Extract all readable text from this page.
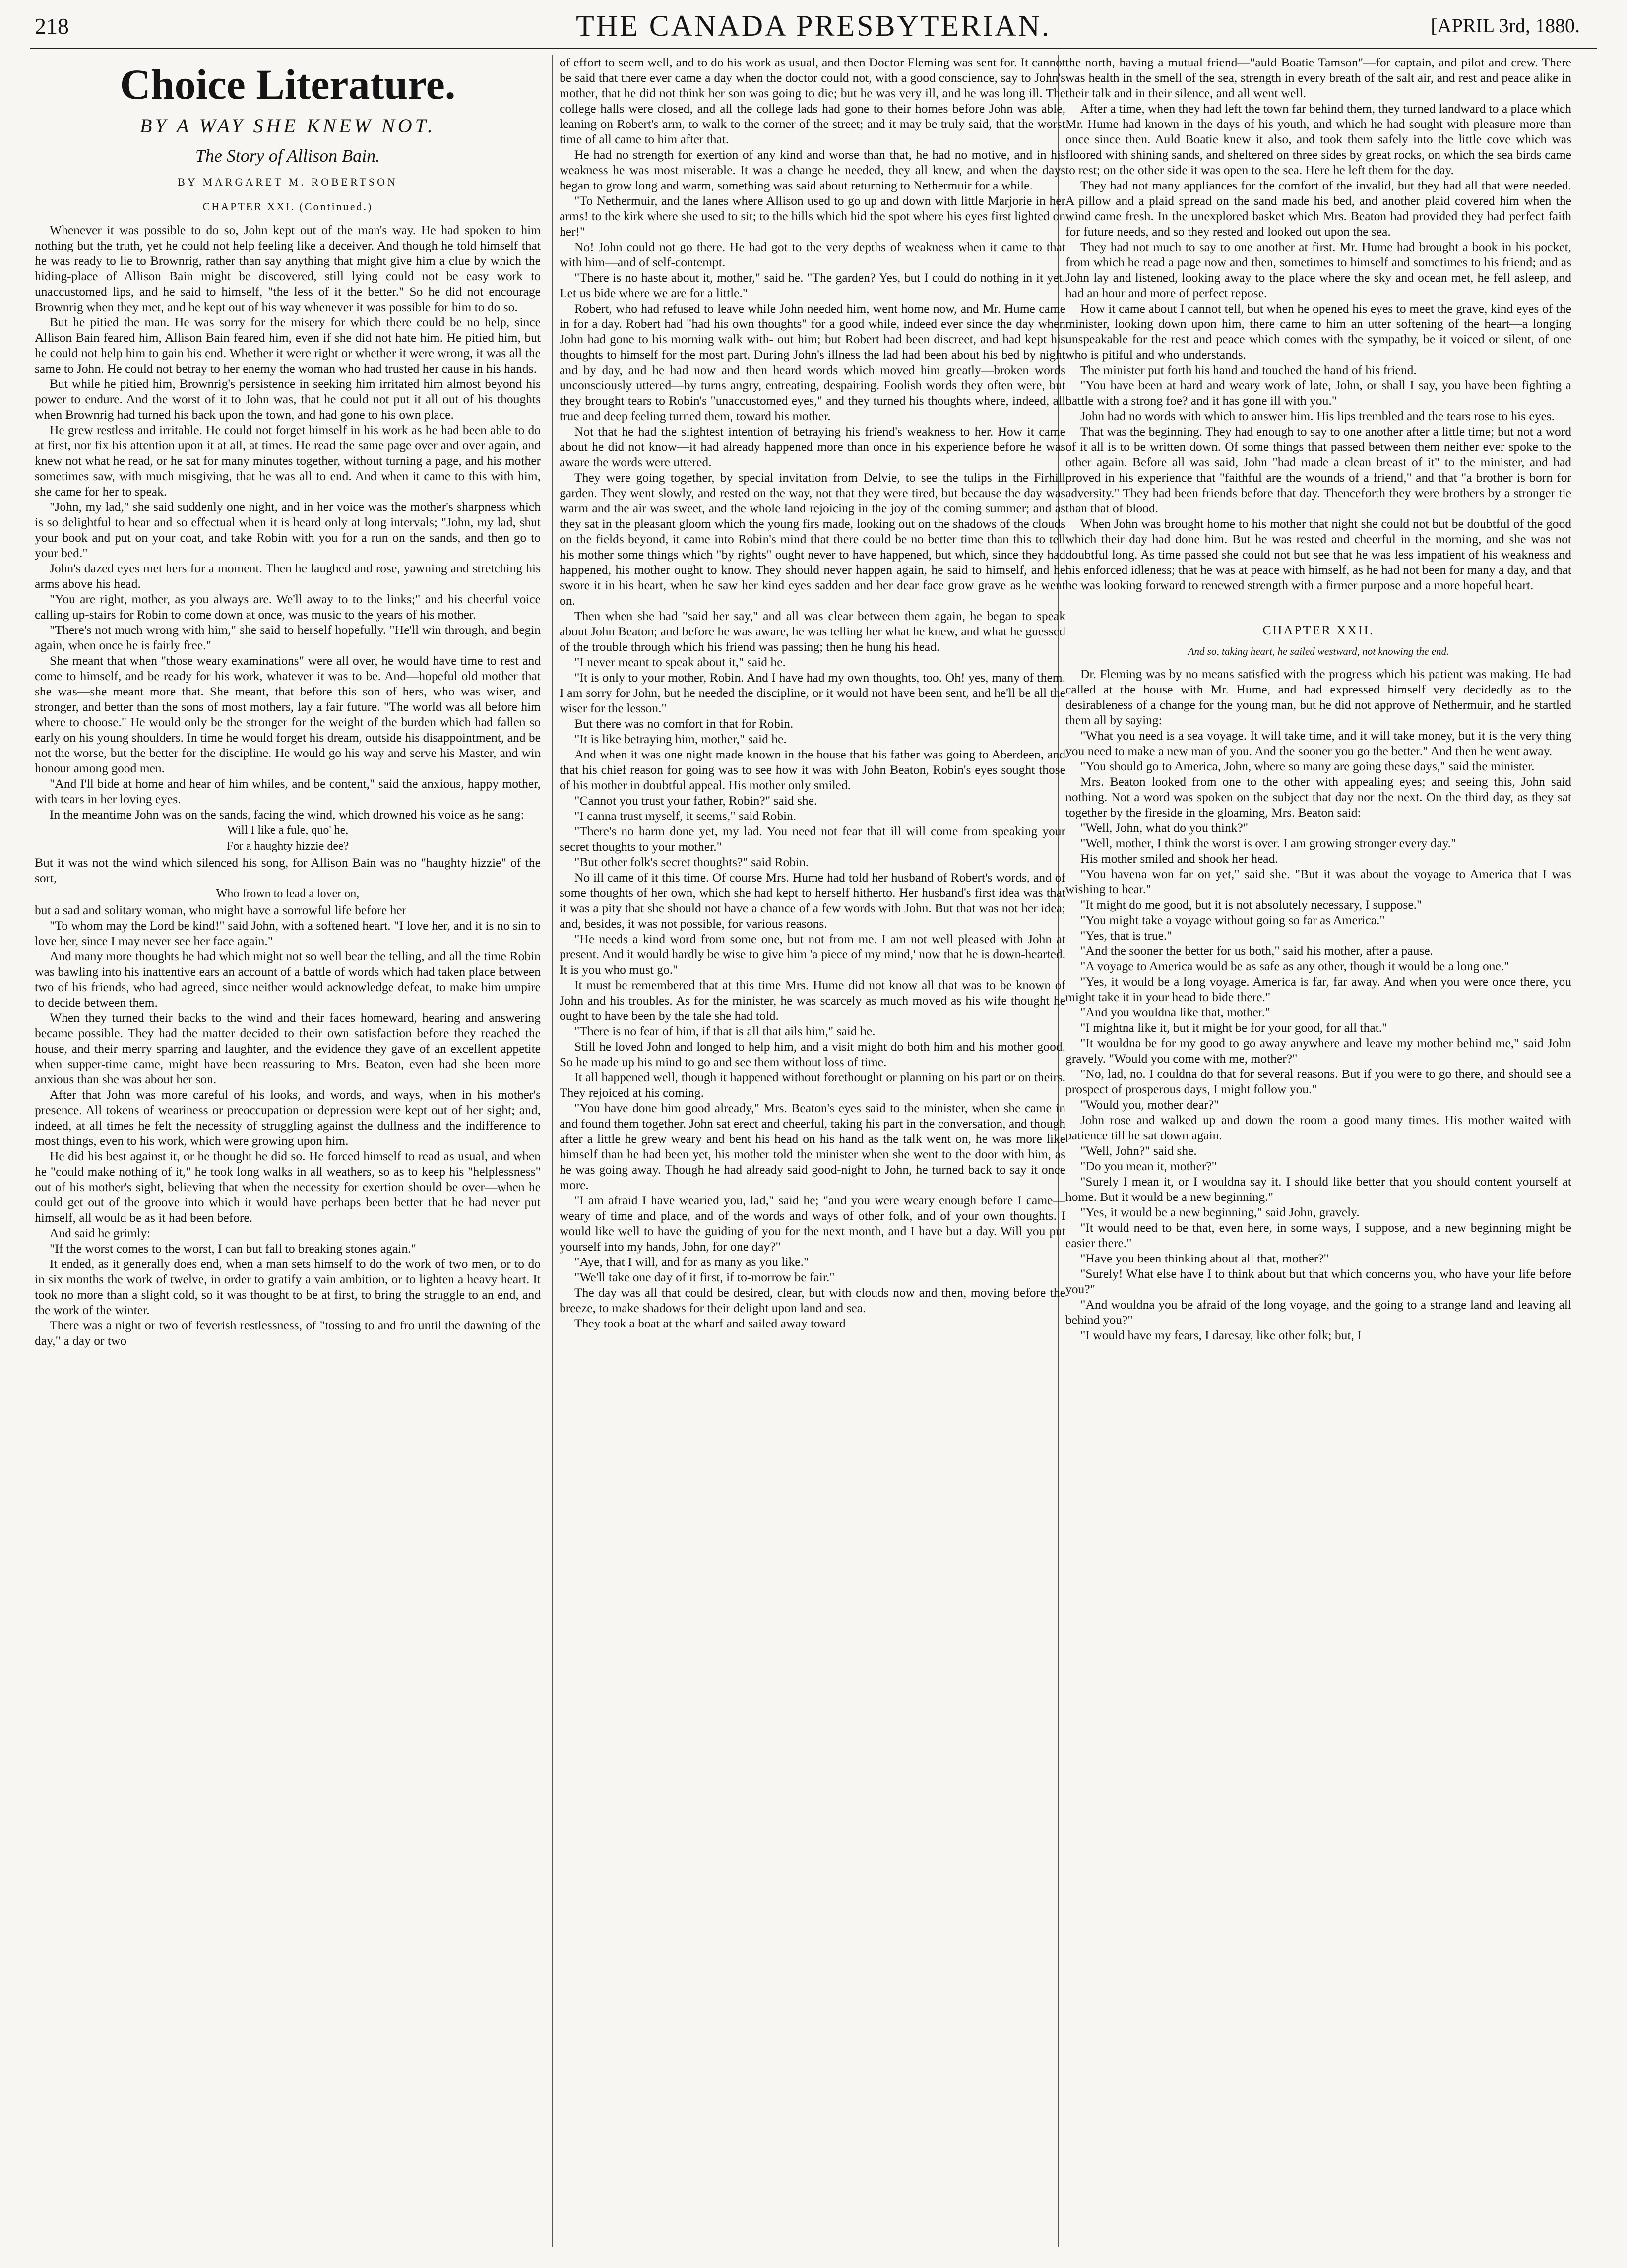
218	THE CANADA PRESBYTERIAN.	[APRIL 3rd, 1880.
Choice Literature.
BY A WAY SHE KNEW NOT.
The Story of Allison Bain.
BY MARGARET M. ROBERTSON
CHAPTER XXI. (Continued.)

Whenever it was possible to do so, John kept out of the man's way. He had spoken to him nothing but the truth, yet he could not help feeling like a deceiver. And though he told himself that he was ready to lie to Brownrig, rather than say anything that might give him a clue by which the hiding-place of Allison Bain might be discovered, still lying could not be easy work to unaccustomed lips, and he said to himself, "the less of it the better." So he did not encourage Brownrig when they met, and he kept out of his way whenever it was possible for him to do so.

But he pitied the man. He was sorry for the misery for which there could be no help, since Allison Bain feared him, Allison Bain feared him, even if she did not hate him. He pitied him, but he could not help him to gain his end. Whether it were right or whether it were wrong, it was all the same to John. He could not betray to her enemy the woman who had trusted her cause in his hands.

But while he pitied him, Brownrig's persistence in seeking him irritated him almost beyond his power to endure. And the worst of it to John was, that he could not put it all out of his thoughts when Brownrig had turned his back upon the town, and had gone to his own place.

He grew restless and irritable. He could not forget himself in his work as he had been able to do at first, nor fix his attention upon it at all, at times. He read the same page over and over again, and knew not what he read, or he sat for many minutes together, without turning a page, and his mother sometimes saw, with much misgiving, that he was all to end. And when it came to this with him, she came for her to speak.

"John, my lad," she said suddenly one night, and in her voice was the mother's sharpness which is so delightful to hear and so effectual when it is heard only at long intervals; "John, my lad, shut your book and put on your coat, and take Robin with you for a run on the sands, and then go to your bed."

John's dazed eyes met hers for a moment. Then he laughed and rose, yawning and stretching his arms above his head.

"You are right, mother, as you always are. We'll away to to the links;" and his cheerful voice calling up-stairs for Robin to come down at once, was music to the years of his mother.

"There's not much wrong with him," she said to herself hopefully. "He'll win through, and begin again, when once he is fairly free."

She meant that when "those weary examinations" were all over, he would have time to rest and come to himself, and be ready for his work, whatever it was to be. And—hopeful old mother that she was—she meant more that. She meant, that before this son of hers, who was wiser, and stronger, and better than the sons of most mothers, lay a fair future. "The world was all before him where to choose." He would only be the stronger for the weight of the burden which had fallen so early on his young shoulders. In time he would forget his dream, outside his disappointment, and be not the worse, but the better for the discipline. He would go his way and serve his Master, and win honour among good men.

"And I'll bide at home and hear of him whiles, and be content," said the anxious, happy mother, with tears in her loving eyes.

In the meantime John was on the sands, facing the wind, which drowned his voice as he sang:

Will I like a fule, quo' he,
For a haughty hizzie dee?

But it was not the wind which silenced his song, for Allison Bain was no "haughty hizzie" of the sort,

Who frown to lead a lover on,

but a sad and solitary woman, who might have a sorrowful life before her

"To whom may the Lord be kind!" said John, with a softened heart. "I love her, and it is no sin to love her, since I may never see her face again."

And many more thoughts he had which might not so well bear the telling, and all the time Robin was bawling into his inattentive ears an account of a battle of words which had taken place between two of his friends, who had agreed, since neither would acknowledge defeat, to make him umpire to decide between them.

When they turned their backs to the wind and their faces homeward, hearing and answering became possible. They had the matter decided to their own satisfaction before they reached the house, and their merry sparring and laughter, and the evidence they gave of an excellent appetite when supper-time came, might have been reassuring to Mrs. Beaton, even had she been more anxious than she was about her son.

After that John was more careful of his looks, and words, and ways, when in his mother's presence. All tokens of weariness or preoccupation or depression were kept out of her sight; and, indeed, at all times he felt the necessity of struggling against the dullness and the indifference to most things, even to his work, which were growing upon him.

He did his best against it, or he thought he did so. He forced himself to read as usual, and when he "could make nothing of it," he took long walks in all weathers, so as to keep his "helplessness" out of his mother's sight, believing that when the necessity for exertion should be over—when he could get out of the groove into which it would have perhaps been better that he had never put himself, all would be as it had been before.

And said he grimly:

"If the worst comes to the worst, I can but fall to breaking stones again."

It ended, as it generally does end, when a man sets himself to do the work of two men, or to do in six months the work of twelve, in order to gratify a vain ambition, or to lighten a heavy heart. It took no more than a slight cold, so it was thought to be at first, to bring the struggle to an end, and the work of the winter.

There was a night or two of feverish restlessness, of "tossing to and fro until the dawning of the day," a day or two

of effort to seem well, and to do his work as usual, and then Doctor Fleming was sent for. It cannot be said that there ever came a day when the doctor could not, with a good conscience, say to John's mother, that he did not think her son was going to die; but he was very ill, and he was long ill. The college halls were closed, and all the college lads had gone to their homes before John was able, leaning on Robert's arm, to walk to the corner of the street; and it may be truly said, that the worst time of all came to him after that.

He had no strength for exertion of any kind and worse than that, he had no motive, and in his weakness he was most miserable. It was a change he needed, they all knew, and when the days began to grow long and warm, something was said about returning to Nethermuir for a while.

"To Nethermuir, and the lanes where Allison used to go up and down with little Marjorie in her arms! to the kirk where she used to sit; to the hills which hid the spot where his eyes first lighted on her!"

No! John could not go there. He had got to the very depths of weakness when it came to that with him—and of self-contempt.

"There is no haste about it, mother," said he. "The garden? Yes, but I could do nothing in it yet. Let us bide where we are for a little."

Robert, who had refused to leave while John needed him, went home now, and Mr. Hume came in for a day. Robert had "had his own thoughts" for a good while, indeed ever since the day when John had gone to his morning walk with- out him; but Robert had been discreet, and had kept his thoughts to himself for the most part. During John's illness the lad had been about his bed by night and by day, and he had now and then heard words which moved him greatly—broken words unconsciously uttered—by turns angry, entreating, despairing. Foolish words they often were, but they brought tears to Robin's "unaccustomed eyes," and they turned his thoughts where, indeed, all true and deep feeling turned them, toward his mother.

Not that he had the slightest intention of betraying his friend's weakness to her. How it came about he did not know—it had already happened more than once in his experience before he was aware the words were uttered.

They were going together, by special invitation from Delvie, to see the tulips in the Firhill garden. They went slowly, and rested on the way, not that they were tired, but because the day was warm and the air was sweet, and the whole land rejoicing in the joy of the coming summer; and as they sat in the pleasant gloom which the young firs made, looking out on the shadows of the clouds on the fields beyond, it came into Robin's mind that there could be no better time than this to tell his mother some things which "by rights" ought never to have happened, but which, since they had happened, his mother ought to know. They should never happen again, he said to himself, and he swore it in his heart, when he saw her kind eyes sadden and her dear face grow grave as he went on.

Then when she had "said her say," and all was clear between them again, he began to speak about John Beaton; and before he was aware, he was telling her what he knew, and what he guessed of the trouble through which his friend was passing; then he hung his head.

"I never meant to speak about it," said he.

"It is only to your mother, Robin. And I have had my own thoughts, too. Oh! yes, many of them. I am sorry for John, but he needed the discipline, or it would not have been sent, and he'll be all the wiser for the lesson."

But there was no comfort in that for Robin.

"It is like betraying him, mother," said he.

And when it was one night made known in the house that his father was going to Aberdeen, and that his chief reason for going was to see how it was with John Beaton, Robin's eyes sought those of his mother in doubtful appeal. His mother only smiled.

"Cannot you trust your father, Robin?" said she.

"I canna trust myself, it seems," said Robin.

"There's no harm done yet, my lad. You need not fear that ill will come from speaking your secret thoughts to your mother."

"But other folk's secret thoughts?" said Robin.

No ill came of it this time. Of course Mrs. Hume had told her husband of Robert's words, and of some thoughts of her own, which she had kept to herself hitherto. Her husband's first idea was that it was a pity that she should not have a chance of a few words with John. But that was not her idea; and, besides, it was not possible, for various reasons.

"He needs a kind word from some one, but not from me. I am not well pleased with John at present. And it would hardly be wise to give him 'a piece of my mind,' now that he is down-hearted. It is you who must go."

It must be remembered that at this time Mrs. Hume did not know all that was to be known of John and his troubles. As for the minister, he was scarcely as much moved as his wife thought he ought to have been by the tale she had told.

"There is no fear of him, if that is all that ails him," said he.

Still he loved John and longed to help him, and a visit might do both him and his mother good. So he made up his mind to go and see them without loss of time.

It all happened well, though it happened without forethought or planning on his part or on theirs. They rejoiced at his coming.

"You have done him good already," Mrs. Beaton's eyes said to the minister, when she came in and found them together. John sat erect and cheerful, taking his part in the conversation, and though after a little he grew weary and bent his head on his hand as the talk went on, he was more like himself than he had been yet, his mother told the minister when she went to the door with him, as he was going away. Though he had already said good-night to John, he turned back to say it once more.

"I am afraid I have wearied you, lad," said he; "and you were weary enough before I came—weary of time and place, and of the words and ways of other folk, and of your own thoughts. I would like well to have the guiding of you for the next month, and I have but a day. Will you put yourself into my hands, John, for one day?"

"Aye, that I will, and for as many as you like."

"We'll take one day of it first, if to-morrow be fair."

The day was all that could be desired, clear, but with clouds now and then, moving before the breeze, to make shadows for their delight upon land and sea.

They took a boat at the wharf and sailed away toward

the north, having a mutual friend—"auld Boatie Tamson"—for captain, and pilot and crew. There was health in the smell of the sea, strength in every breath of the salt air, and rest and peace alike in their talk and in their silence, and all went well.

After a time, when they had left the town far behind them, they turned landward to a place which Mr. Hume had known in the days of his youth, and which he had sought with pleasure more than once since then. Auld Boatie knew it also, and took them safely into the little cove which was floored with shining sands, and sheltered on three sides by great rocks, on which the sea birds came to rest; on the other side it was open to the sea. Here he left them for the day.

They had not many appliances for the comfort of the invalid, but they had all that were needed. A pillow and a plaid spread on the sand made his bed, and another plaid covered him when the wind came fresh. In the unexplored basket which Mrs. Beaton had provided they had perfect faith for future needs, and so they rested and looked out upon the sea.

They had not much to say to one another at first. Mr. Hume had brought a book in his pocket, from which he read a page now and then, sometimes to himself and sometimes to his friend; and as John lay and listened, looking away to the place where the sky and ocean met, he fell asleep, and had an hour and more of perfect repose.

How it came about I cannot tell, but when he opened his eyes to meet the grave, kind eyes of the minister, looking down upon him, there came to him an utter softening of the heart—a longing unspeakable for the rest and peace which comes with the sympathy, be it voiced or silent, of one who is pitiful and who understands.

The minister put forth his hand and touched the hand of his friend.

"You have been at hard and weary work of late, John, or shall I say, you have been fighting a battle with a strong foe? and it has gone ill with you."

John had no words with which to answer him. His lips trembled and the tears rose to his eyes.

That was the beginning. They had enough to say to one another after a little time; but not a word of it all is to be written down. Of some things that passed between them neither ever spoke to the other again. Before all was said, John "had made a clean breast of it" to the minister, and had proved in his experience that "faithful are the wounds of a friend," and that "a brother is born for adversity." They had been friends before that day. Thenceforth they were brothers by a stronger tie than that of blood.

When John was brought home to his mother that night she could not but be doubtful of the good which their day had done him. But he was rested and cheerful in the morning, and she was not doubtful long. As time passed she could not but see that he was less impatient of his weakness and his enforced idleness; that he was at peace with himself, as he had not been for many a day, and that he was looking forward to renewed strength with a firmer purpose and a more hopeful heart.

CHAPTER XXII.
And so, taking heart, he sailed westward, not knowing the end.

Dr. Fleming was by no means satisfied with the progress which his patient was making. He had called at the house with Mr. Hume, and had expressed himself very decidedly as to the desirableness of a change for the young man, but he did not approve of Nethermuir, and he startled them all by saying:

"What you need is a sea voyage. It will take time, and it will take money, but it is the very thing you need to make a new man of you. And the sooner you go the better." And then he went away.

"You should go to America, John, where so many are going these days," said the minister.

Mrs. Beaton looked from one to the other with appealing eyes; and seeing this, John said nothing. Not a word was spoken on the subject that day nor the next. On the third day, as they sat together by the fireside in the gloaming, Mrs. Beaton said:

"Well, John, what do you think?"

"Well, mother, I think the worst is over. I am growing stronger every day."

His mother smiled and shook her head.

"You havena won far on yet," said she. "But it was about the voyage to America that I was wishing to hear."

"It might do me good, but it is not absolutely necessary, I suppose."

"You might take a voyage without going so far as America."

"Yes, that is true."

"And the sooner the better for us both," said his mother, after a pause.

"A voyage to America would be as safe as any other, though it would be a long one."

"Yes, it would be a long voyage. America is far, far away. And when you were once there, you might take it in your head to bide there."

"And you wouldna like that, mother."

"I mightna like it, but it might be for your good, for all that."

"It wouldna be for my good to go away anywhere and leave my mother behind me," said John gravely. "Would you come with me, mother?"

"No, lad, no. I couldna do that for several reasons. But if you were to go there, and should see a prospect of prosperous days, I might follow you."

"Would you, mother dear?"

John rose and walked up and down the room a good many times. His mother waited with patience till he sat down again.

"Well, John?" said she.

"Do you mean it, mother?"

"Surely I mean it, or I wouldna say it. I should like better that you should content yourself at home. But it would be a new beginning."

"Yes, it would be a new beginning," said John, gravely.

"It would need to be that, even here, in some ways, I suppose, and a new beginning might be easier there."

"Have you been thinking about all that, mother?"

"Surely! What else have I to think about but that which concerns you, who have your life before you?"

"And wouldna you be afraid of the long voyage, and the going to a strange land and leaving all behind you?"

"I would have my fears, I daresay, like other folk; but, I
